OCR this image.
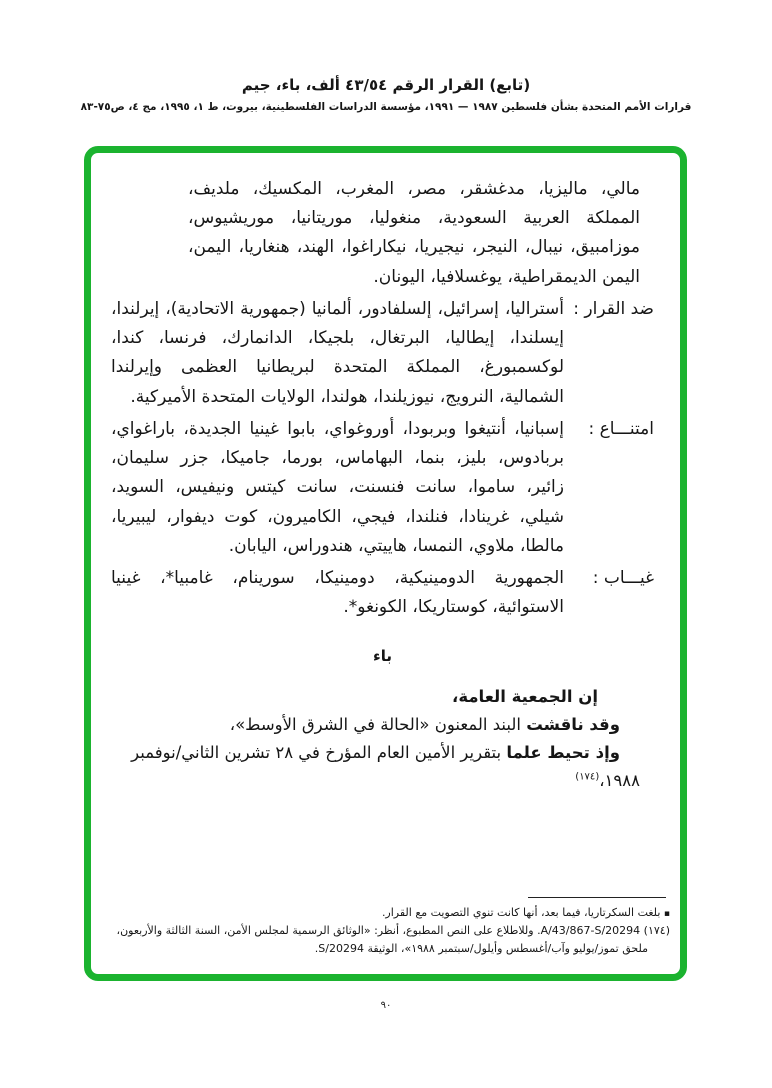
(تابع) القرار الرقم ٤٣/٥٤ ألف، باء، جيم
قرارات الأمم المتحدة بشأن فلسطين ١٩٨٧ — ١٩٩١، مؤسسة الدراسات الفلسطينية، بيروت، ط ١، ١٩٩٥، مج ٤، ص٧٥-٨٣

مالي، ماليزيا، مدغشقر، مصر، المغرب، المكسيك، ملديف، المملكة العربية السعودية، منغوليا، موريتانيا، موريشيوس، موزامبيق، نيبال، النيجر، نيجيريا، نيكاراغوا، الهند، هنغاريا، اليمن، اليمن الديمقراطية، يوغسلافيا، اليونان.

ضد القرار :

أستراليا، إسرائيل، إلسلفادور، ألمانيا (جمهورية الاتحادية)، إيرلندا، إيسلندا، إيطاليا، البرتغال، بلجيكا، الدانمارك، فرنسا، كندا، لوكسمبورغ، المملكة المتحدة لبريطانيا العظمى وإيرلندا الشمالية، النرويج، نيوزيلندا، هولندا، الولايات المتحدة الأميركية.

امتنـــاع :

إسبانيا، أنتيغوا وبربودا، أوروغواي، بابوا غينيا الجديدة، باراغواي، بربادوس، بليز، بنما، البهاماس، بورما، جاميكا، جزر سليمان، زائير، ساموا، سانت فنسنت، سانت كيتس ونيفيس، السويد، شيلي، غرينادا، فنلندا، فيجي، الكاميرون، كوت ديفوار، ليبيريا، مالطا، ملاوي، النمسا، هاييتي، هندوراس، اليابان.

غيـــاب :

الجمهورية الدومينيكية، دومينيكا، سورينام، غامبيا*، غينيا الاستوائية، كوستاريكا، الكونغو*.

باء

إن الجمعية العامة،

وقد ناقشت البند المعنون «الحالة في الشرق الأوسط»،

وإذ تحيط علما بتقرير الأمين العام المؤرخ في ٢٨ تشرين الثاني/نوفمبر ١٩٨٨،$^{(١٧٤)}$

▪ بلغت السكرتاريا، فيما بعد، أنها كانت تنوي التصويت مع القرار.

(١٧٤) A/43/867-S/20294. وللاطلاع على النص المطبوع، أنظر: «الوثائق الرسمية لمجلس الأمن، السنة الثالثة والأربعون، ملحق تموز/يوليو وآب/أغسطس وأيلول/سبتمبر ١٩٨٨»، الوثيقة S/20294.

٩٠
